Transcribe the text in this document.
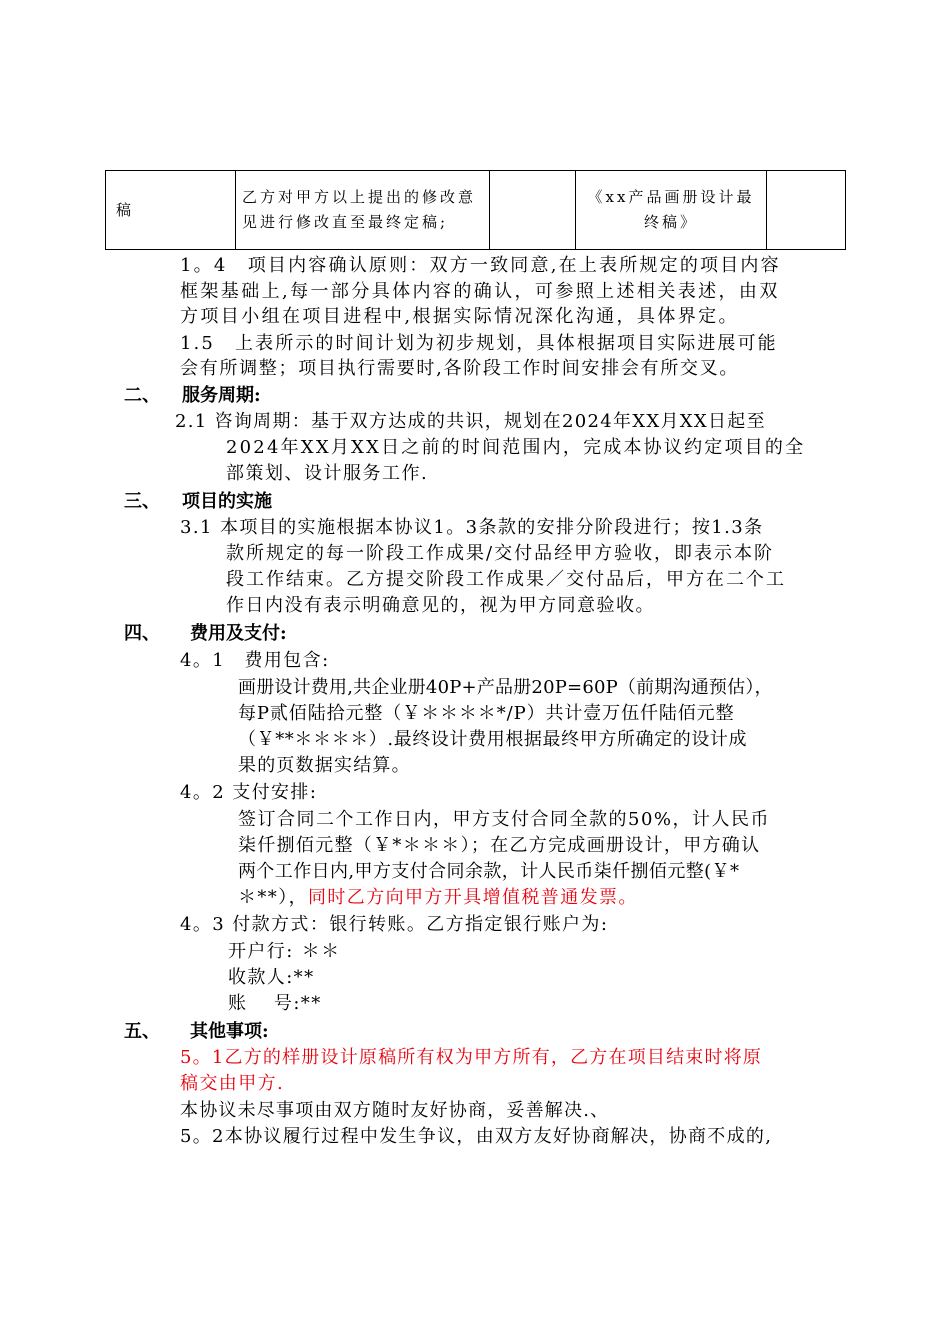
稿	乙方对甲方以上提出的修改意见进行修改直至最终定稿;		《xx产品画册设计最终稿》	
1。4　项目内容确认原则：双方一致同意,在上表所规定的项目内容
框架基础上,每一部分具体内容的确认，可参照上述相关表述，由双
方项目小组在项目进程中,根据实际情况深化沟通，具体界定。
1.5　上表所示的时间计划为初步规划，具体根据项目实际进展可能
会有所调整；项目执行需要时,各阶段工作时间安排会有所交叉。
二、 服务周期:
2.1 咨询周期：基于双方达成的共识，规划在2024年XX月XX日起至
2024年XX月XX日之前的时间范围内，完成本协议约定项目的全
部策划、设计服务工作.
三、 项目的实施
3.1 本项目的实施根据本协议1。3条款的安排分阶段进行；按1.3条
款所规定的每一阶段工作成果/交付品经甲方验收，即表示本阶
段工作结束。乙方提交阶段工作成果／交付品后，甲方在二个工
作日内没有表示明确意见的，视为甲方同意验收。
四、 费用及支付:
4。1　费用包含:
画册设计费用,共企业册40P+产品册20P=60P（前期沟通预估），
每P贰佰陆拾元整（￥＊＊＊＊*/P）共计壹万伍仟陆佰元整
（￥**＊＊＊＊）.最终设计费用根据最终甲方所确定的设计成
果的页数据实结算。
4。2 支付安排:
签订合同二个工作日内，甲方支付合同全款的50%，计人民币
柒仟捌佰元整（￥*＊＊＊）；在乙方完成画册设计，甲方确认
两个工作日内,甲方支付合同余款，计人民币柒仟捌佰元整(￥*
＊**），同时乙方向甲方开具增值税普通发票。
4。3 付款方式：银行转账。乙方指定银行账户为:
开户行: ＊＊
收款人:**
账　 号:**
五、 其他事项:
5。1乙方的样册设计原稿所有权为甲方所有，乙方在项目结束时将原
稿交由甲方.
本协议未尽事项由双方随时友好协商，妥善解决.、
5。2本协议履行过程中发生争议，由双方友好协商解决，协商不成的,
